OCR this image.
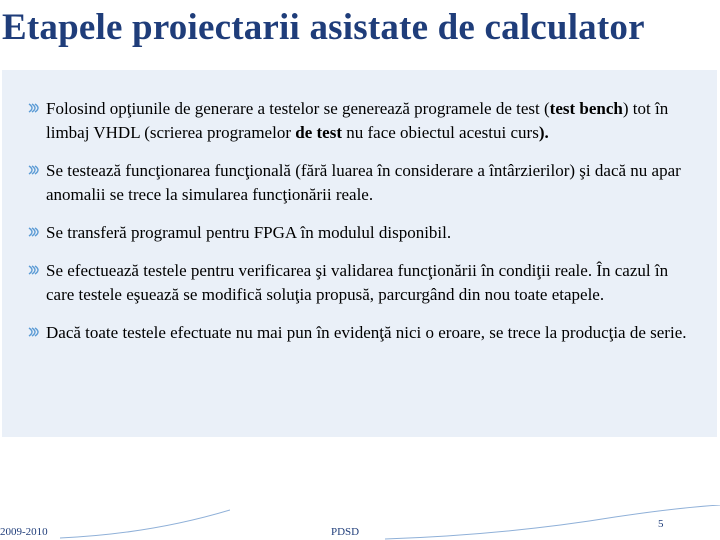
Etapele proiectarii asistate de calculator
Folosind opţiunile de generare a testelor se generează programele de test (test bench) tot în limbaj VHDL (scrierea programelor de test nu face obiectul acestui curs).
Se testează funcţionarea funcţională (fără luarea în considerare a întârzierilor) şi dacă nu apar anomalii se trece la simularea funcţionării reale.
Se transferă programul pentru FPGA în modulul disponibil.
Se efectuează testele pentru verificarea şi validarea funcţionării în condiţii reale. În cazul în care testele eşuează se modifică soluţia propusă, parcurgând din nou toate etapele.
Dacă toate testele efectuate nu mai pun în evidenţă nici o eroare, se trece la producţia de serie.
2009-2010	PDSD
5
